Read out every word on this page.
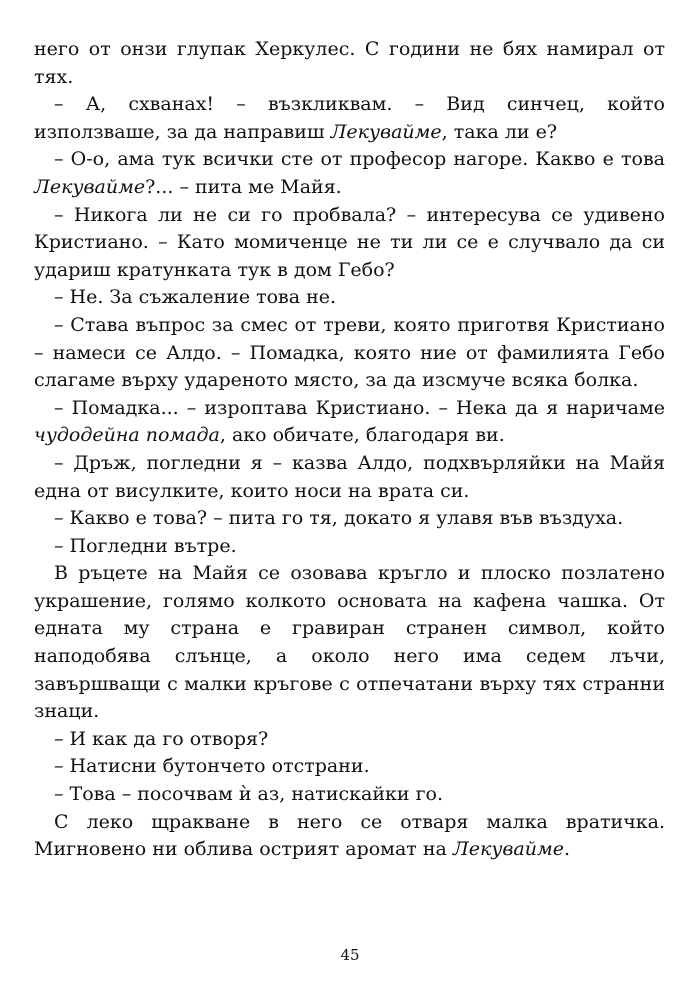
него от онзи глупак Херкулес. С години не бях намирал от тях.

– А, схванах! – възкликвам. – Вид синчец, който използваше, за да направиш Лекувайме, така ли е?

– О-о, ама тук всички сте от професор нагоре. Какво е това Лекувайме?... – пита ме Майя.

– Никога ли не си го пробвала? – интересува се удивено Кристиано. – Като момиченце не ти ли се е случвало да си удариш кратунката тук в дом Гебо?

– Не. За съжаление това не.

– Става въпрос за смес от треви, която приготвя Кристиано – намеси се Алдо. – Помадка, която ние от фамилията Гебо слагаме върху удареното място, за да изсмуче всяка болка.

– Помадка... – изроптава Кристиано. – Нека да я наричаме чудодейна помада, ако обичате, благодаря ви.

– Дръж, погледни я – казва Алдо, подхвърляйки на Майя една от висулките, които носи на врата си.

– Какво е това? – пита го тя, докато я улавя във въздуха.

– Погледни вътре.

В ръцете на Майя се озовава кръгло и плоско позлатено украшение, голямо колкото основата на кафена чашка. От едната му страна е гравиран странен символ, който наподобява слънце, а около него има седем лъчи, завършващи с малки кръгове с отпечатани върху тях странни знаци.

– И как да го отворя?

– Натисни бутончето отстрани.

– Това – посочвам ѝ аз, натискайки го.

С леко щракване в него се отваря малка вратичка. Мигновено ни облива острият аромат на Лекувайме.

45
